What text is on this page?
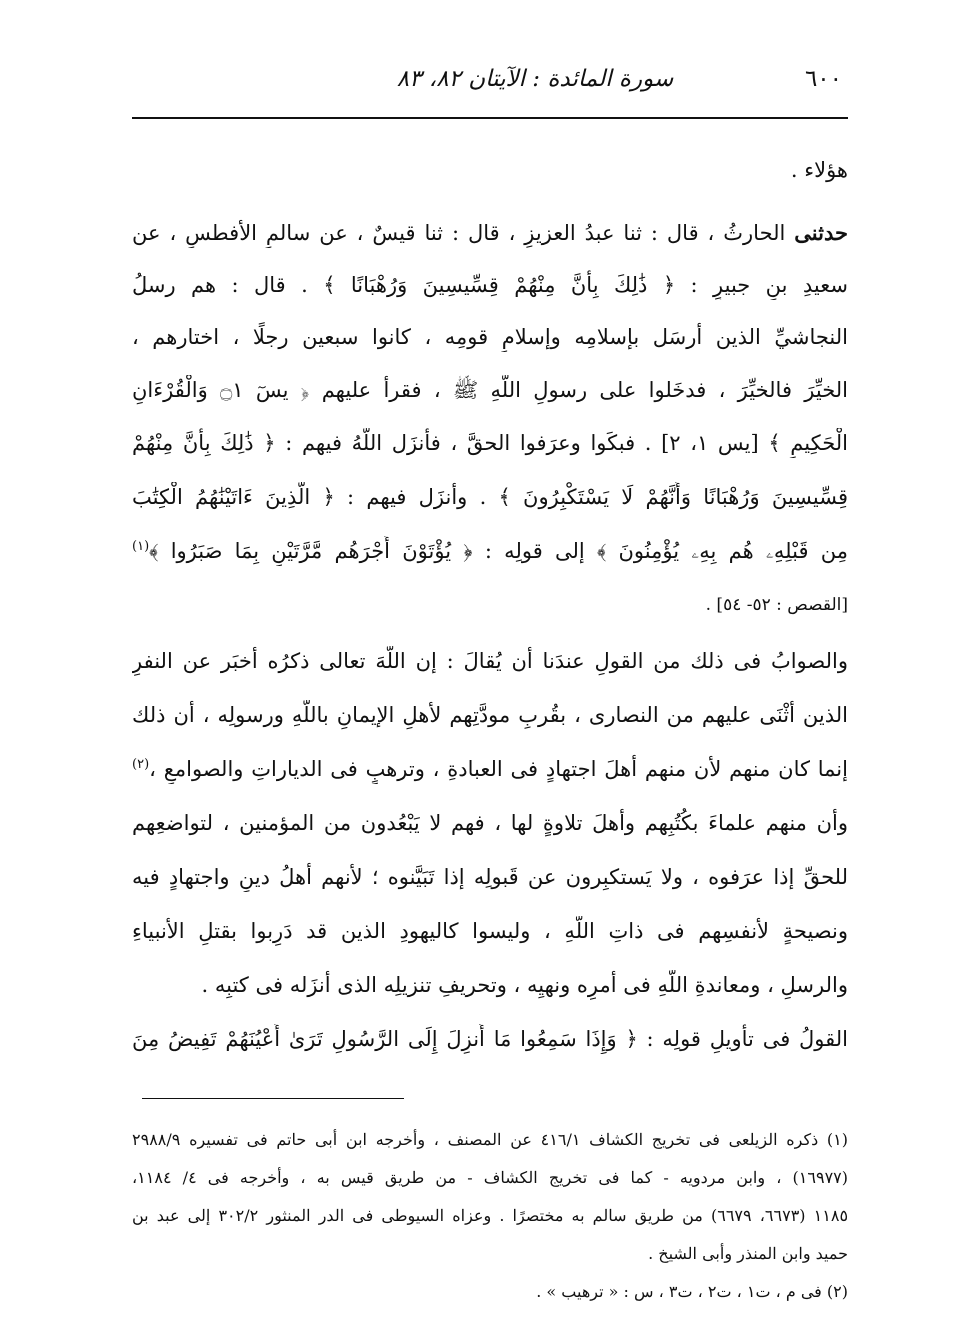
٦٠٠
سورة المائدة : الآيتان ٨٢، ٨٣
هؤلاء .
حدثنى الحارثُ ، قال : ثنا عبدُ العزيزِ ، قال : ثنا قيسٌ ، عن سالمِ الأفطسِ ، عن
سعيدِ بنِ جبيرٍ : ﴿ ذَٰلِكَ بِأَنَّ مِنْهُمْ قِسِّيسِينَ وَرُهْبَانًا ﴾ . قال : هم رسلُ
النجاشيِّ الذين أرسَل بإسلامِه وإسلامِ قومِه ، كانوا سبعين رجلًا ، اختارهم ،
الخيِّرَ فالخيِّرَ ، فدخَلوا على رسولِ اللَّهِ ﷺ ، فقرأ عليهم ﴿ يسٓ ۝١ وَالْقُرْءَانِ
الْحَكِيمِ ﴾ [يس ١، ٢] . فبكَوا وعرَفوا الحقَّ ، فأنزَل اللَّهُ فيهم : ﴿ ذَٰلِكَ بِأَنَّ مِنْهُمْ
قِسِّيسِينَ وَرُهْبَانًا وَأَنَّهُمْ لَا يَسْتَكْبِرُونَ ﴾ . وأنزَل فيهم : ﴿ الَّذِينَ ءَاتَيْنَٰهُمُ الْكِتَٰبَ
مِن قَبْلِهِۦ هُم بِهِۦ يُؤْمِنُونَ ﴾ إلى قولِه : ﴿ يُؤْتَوْنَ أَجْرَهُم مَّرَّتَيْنِ بِمَا صَبَرُوا ﴾$^{(١)}$
[القصص : ٥٢- ٥٤] .
والصوابُ فى ذلك من القولِ عندَنا أن يُقالَ : إن اللَّهَ تعالى ذكرُه أخبَر عن النفرِ
الذين أثْنَى عليهم من النصارى ، بقُربِ مودَّتِهم لأهلِ الإيمانِ باللَّهِ ورسولِه ، أن ذلك
إنما كان منهم لأن منهم أهلَ اجتهادٍ فى العبادةِ ، وترهبٍ فى الدياراتِ والصوامعِ ،$^{(٢)}$
وأن منهم علماءَ بكُتُبِهم وأهلَ تلاوةٍ لها ، فهم لا يَبْعُدون من المؤمنين ، لتواضعِهم
للحقِّ إذا عرَفوه ، ولا يَستكبِرون عن قَبولِه إذا تَبَيَّنوه ؛ لأنهم أهلُ دينٍ واجتهادٍ فيه
ونصيحةٍ لأنفسِهم فى ذاتِ اللَّهِ ، وليسوا كاليهودِ الذين قد دَرِبوا بقتلِ الأنبياءِ
والرسلِ ، ومعاندةِ اللَّهِ فى أمرِه ونهيِه ، وتحريفِ تنزيلِه الذى أنزَله فى كتبِه .
القولُ فى تأويلِ قولِه : ﴿ وَإِذَا سَمِعُوا مَا أُنزِلَ إِلَى الرَّسُولِ تَرَىٰ أَعْيُنَهُمْ تَفِيضُ مِنَ
(١) ذكره الزيلعى فى تخريج الكشاف ٤١٦/١ عن المصنف ، وأخرجه ابن أبى حاتم فى تفسيره ٢٩٨٨/٩
(١٦٩٧٧) ، وابن مردويه - كما فى تخريج الكشاف - من طريق قيس به ، وأخرجه فى ٤/ ١١٨٤،
١١٨٥ (٦٦٧٣، ٦٦٧٩) من طريق سالم به مختصرًا . وعزاه السيوطى فى الدر المنثور ٣٠٢/٢ إلى عبد بن
حميد وابن المنذر وأبى الشيخ .
(٢) فى م ، ت١ ، ت٢ ، ت٣ ، س : « ترهيب » .
